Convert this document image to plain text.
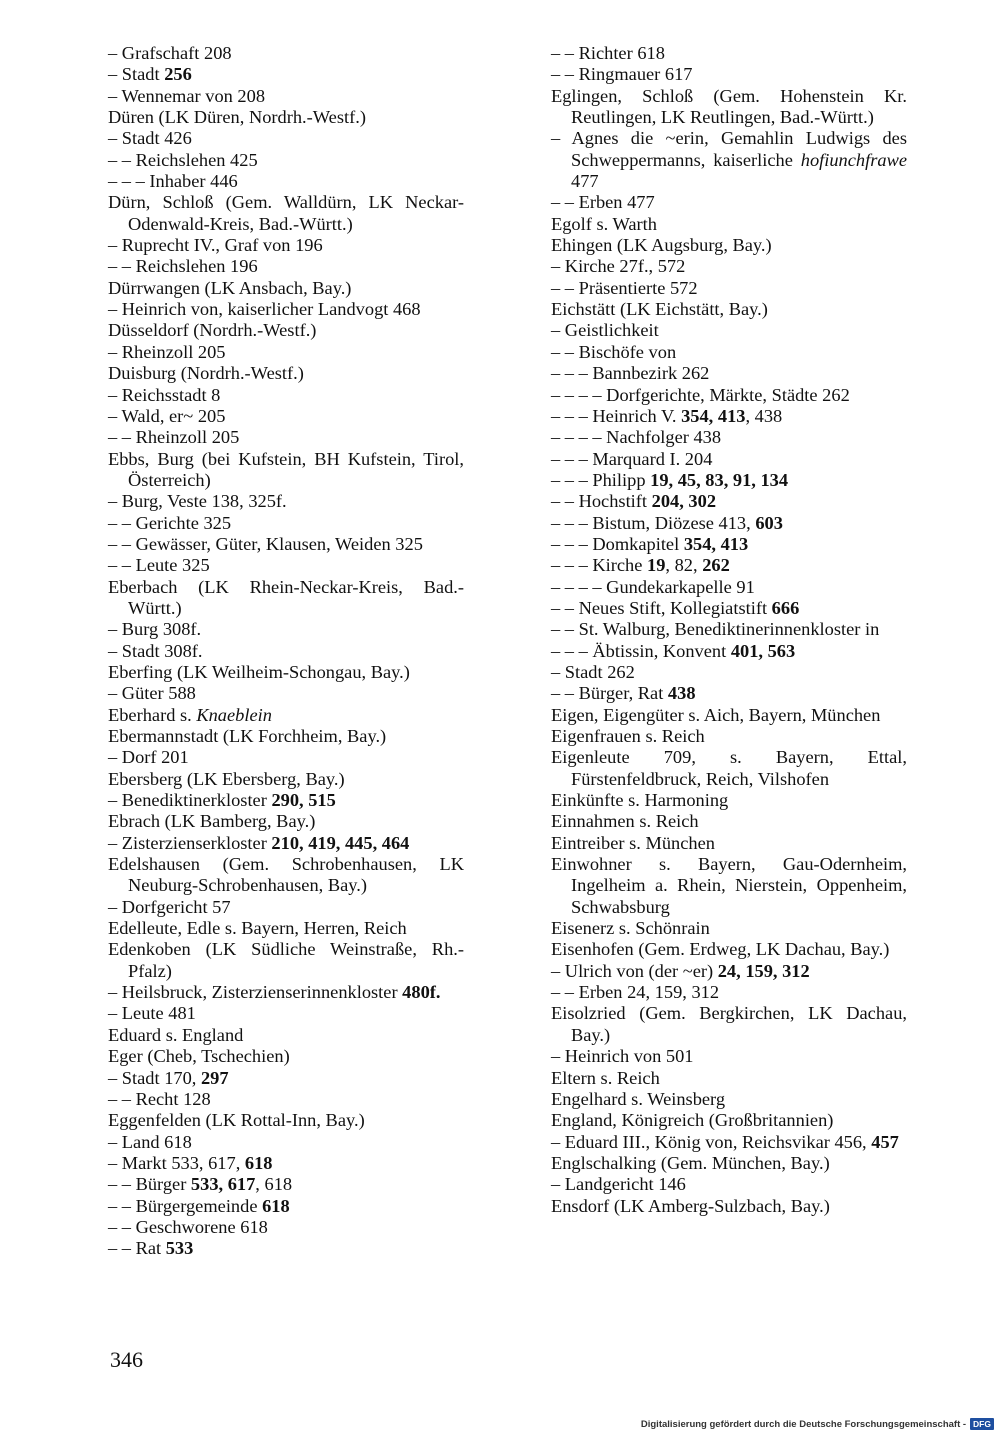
– Grafschaft 208
– Stadt 256
– Wennemar von 208
Düren (LK Düren, Nordrh.-Westf.)
– Stadt 426
– – Reichslehen 425
– – – Inhaber 446
Dürn, Schloß (Gem. Walldürn, LK Neckar-Odenwald-Kreis, Bad.-Württ.)
– Ruprecht IV., Graf von 196
– – Reichslehen 196
Dürrwangen (LK Ansbach, Bay.)
– Heinrich von, kaiserlicher Landvogt 468
Düsseldorf (Nordrh.-Westf.)
– Rheinzoll 205
Duisburg (Nordrh.-Westf.)
– Reichsstadt 8
– Wald, er~ 205
– – Rheinzoll 205
Ebbs, Burg (bei Kufstein, BH Kufstein, Tirol, Österreich)
– Burg, Veste 138, 325f.
– – Gerichte 325
– – Gewässer, Güter, Klausen, Weiden 325
– – Leute 325
Eberbach (LK Rhein-Neckar-Kreis, Bad.-Württ.)
– Burg 308f.
– Stadt 308f.
Eberfing (LK Weilheim-Schongau, Bay.)
– Güter 588
Eberhard s. Knaeblein
Ebermannstadt (LK Forchheim, Bay.)
– Dorf 201
Ebersberg (LK Ebersberg, Bay.)
– Benediktinerkloster 290, 515
Ebrach (LK Bamberg, Bay.)
– Zisterzienserkloster 210, 419, 445, 464
Edelshausen (Gem. Schrobenhausen, LK Neuburg-Schrobenhausen, Bay.)
– Dorfgericht 57
Edelleute, Edle s. Bayern, Herren, Reich
Edenkoben (LK Südliche Weinstraße, Rh.-Pfalz)
– Heilsbruck, Zisterzienserinnenkloster 480f.
– Leute 481
Eduard s. England
Eger (Cheb, Tschechien)
– Stadt 170, 297
– – Recht 128
Eggenfelden (LK Rottal-Inn, Bay.)
– Land 618
– Markt 533, 617, 618
– – Bürger 533, 617, 618
– – Bürgergemeinde 618
– – Geschworene 618
– – Rat 533
– – Richter 618
– – Ringmauer 617
Eglingen, Schloß (Gem. Hohenstein Kr. Reutlingen, LK Reutlingen, Bad.-Württ.)
– Agnes die ~erin, Gemahlin Ludwigs des Schweppermanns, kaiserliche hofiunchfrawe 477
– – Erben 477
Egolf s. Warth
Ehingen (LK Augsburg, Bay.)
– Kirche 27f., 572
– – Präsentierte 572
Eichstätt (LK Eichstätt, Bay.)
– Geistlichkeit
– – Bischöfe von
– – – Bannbezirk 262
– – – – Dorfgerichte, Märkte, Städte 262
– – – Heinrich V. 354, 413, 438
– – – – Nachfolger 438
– – – Marquard I. 204
– – – Philipp 19, 45, 83, 91, 134
– – Hochstift 204, 302
– – – Bistum, Diözese 413, 603
– – – Domkapitel 354, 413
– – – Kirche 19, 82, 262
– – – – Gundekarkapelle 91
– – Neues Stift, Kollegiatstift 666
– – St. Walburg, Benediktinerinnenkloster in
– – – Äbtissin, Konvent 401, 563
– Stadt 262
– – Bürger, Rat 438
Eigen, Eigengüter s. Aich, Bayern, München
Eigenfrauen s. Reich
Eigenleute 709, s. Bayern, Ettal, Fürstenfeldbruck, Reich, Vilshofen
Einkünfte s. Harmoning
Einnahmen s. Reich
Eintreiber s. München
Einwohner s. Bayern, Gau-Odernheim, Ingelheim a. Rhein, Nierstein, Oppenheim, Schwabsburg
Eisenerz s. Schönrain
Eisenhofen (Gem. Erdweg, LK Dachau, Bay.)
– Ulrich von (der ~er) 24, 159, 312
– – Erben 24, 159, 312
Eisolzried (Gem. Bergkirchen, LK Dachau, Bay.)
– Heinrich von 501
Eltern s. Reich
Engelhard s. Weinsberg
England, Königreich (Großbritannien)
– Eduard III., König von, Reichsvikar 456, 457
Englschalking (Gem. München, Bay.)
– Landgericht 146
Ensdorf (LK Amberg-Sulzbach, Bay.)
346
Digitalisierung gefördert durch die Deutsche Forschungsgemeinschaft - DFG
